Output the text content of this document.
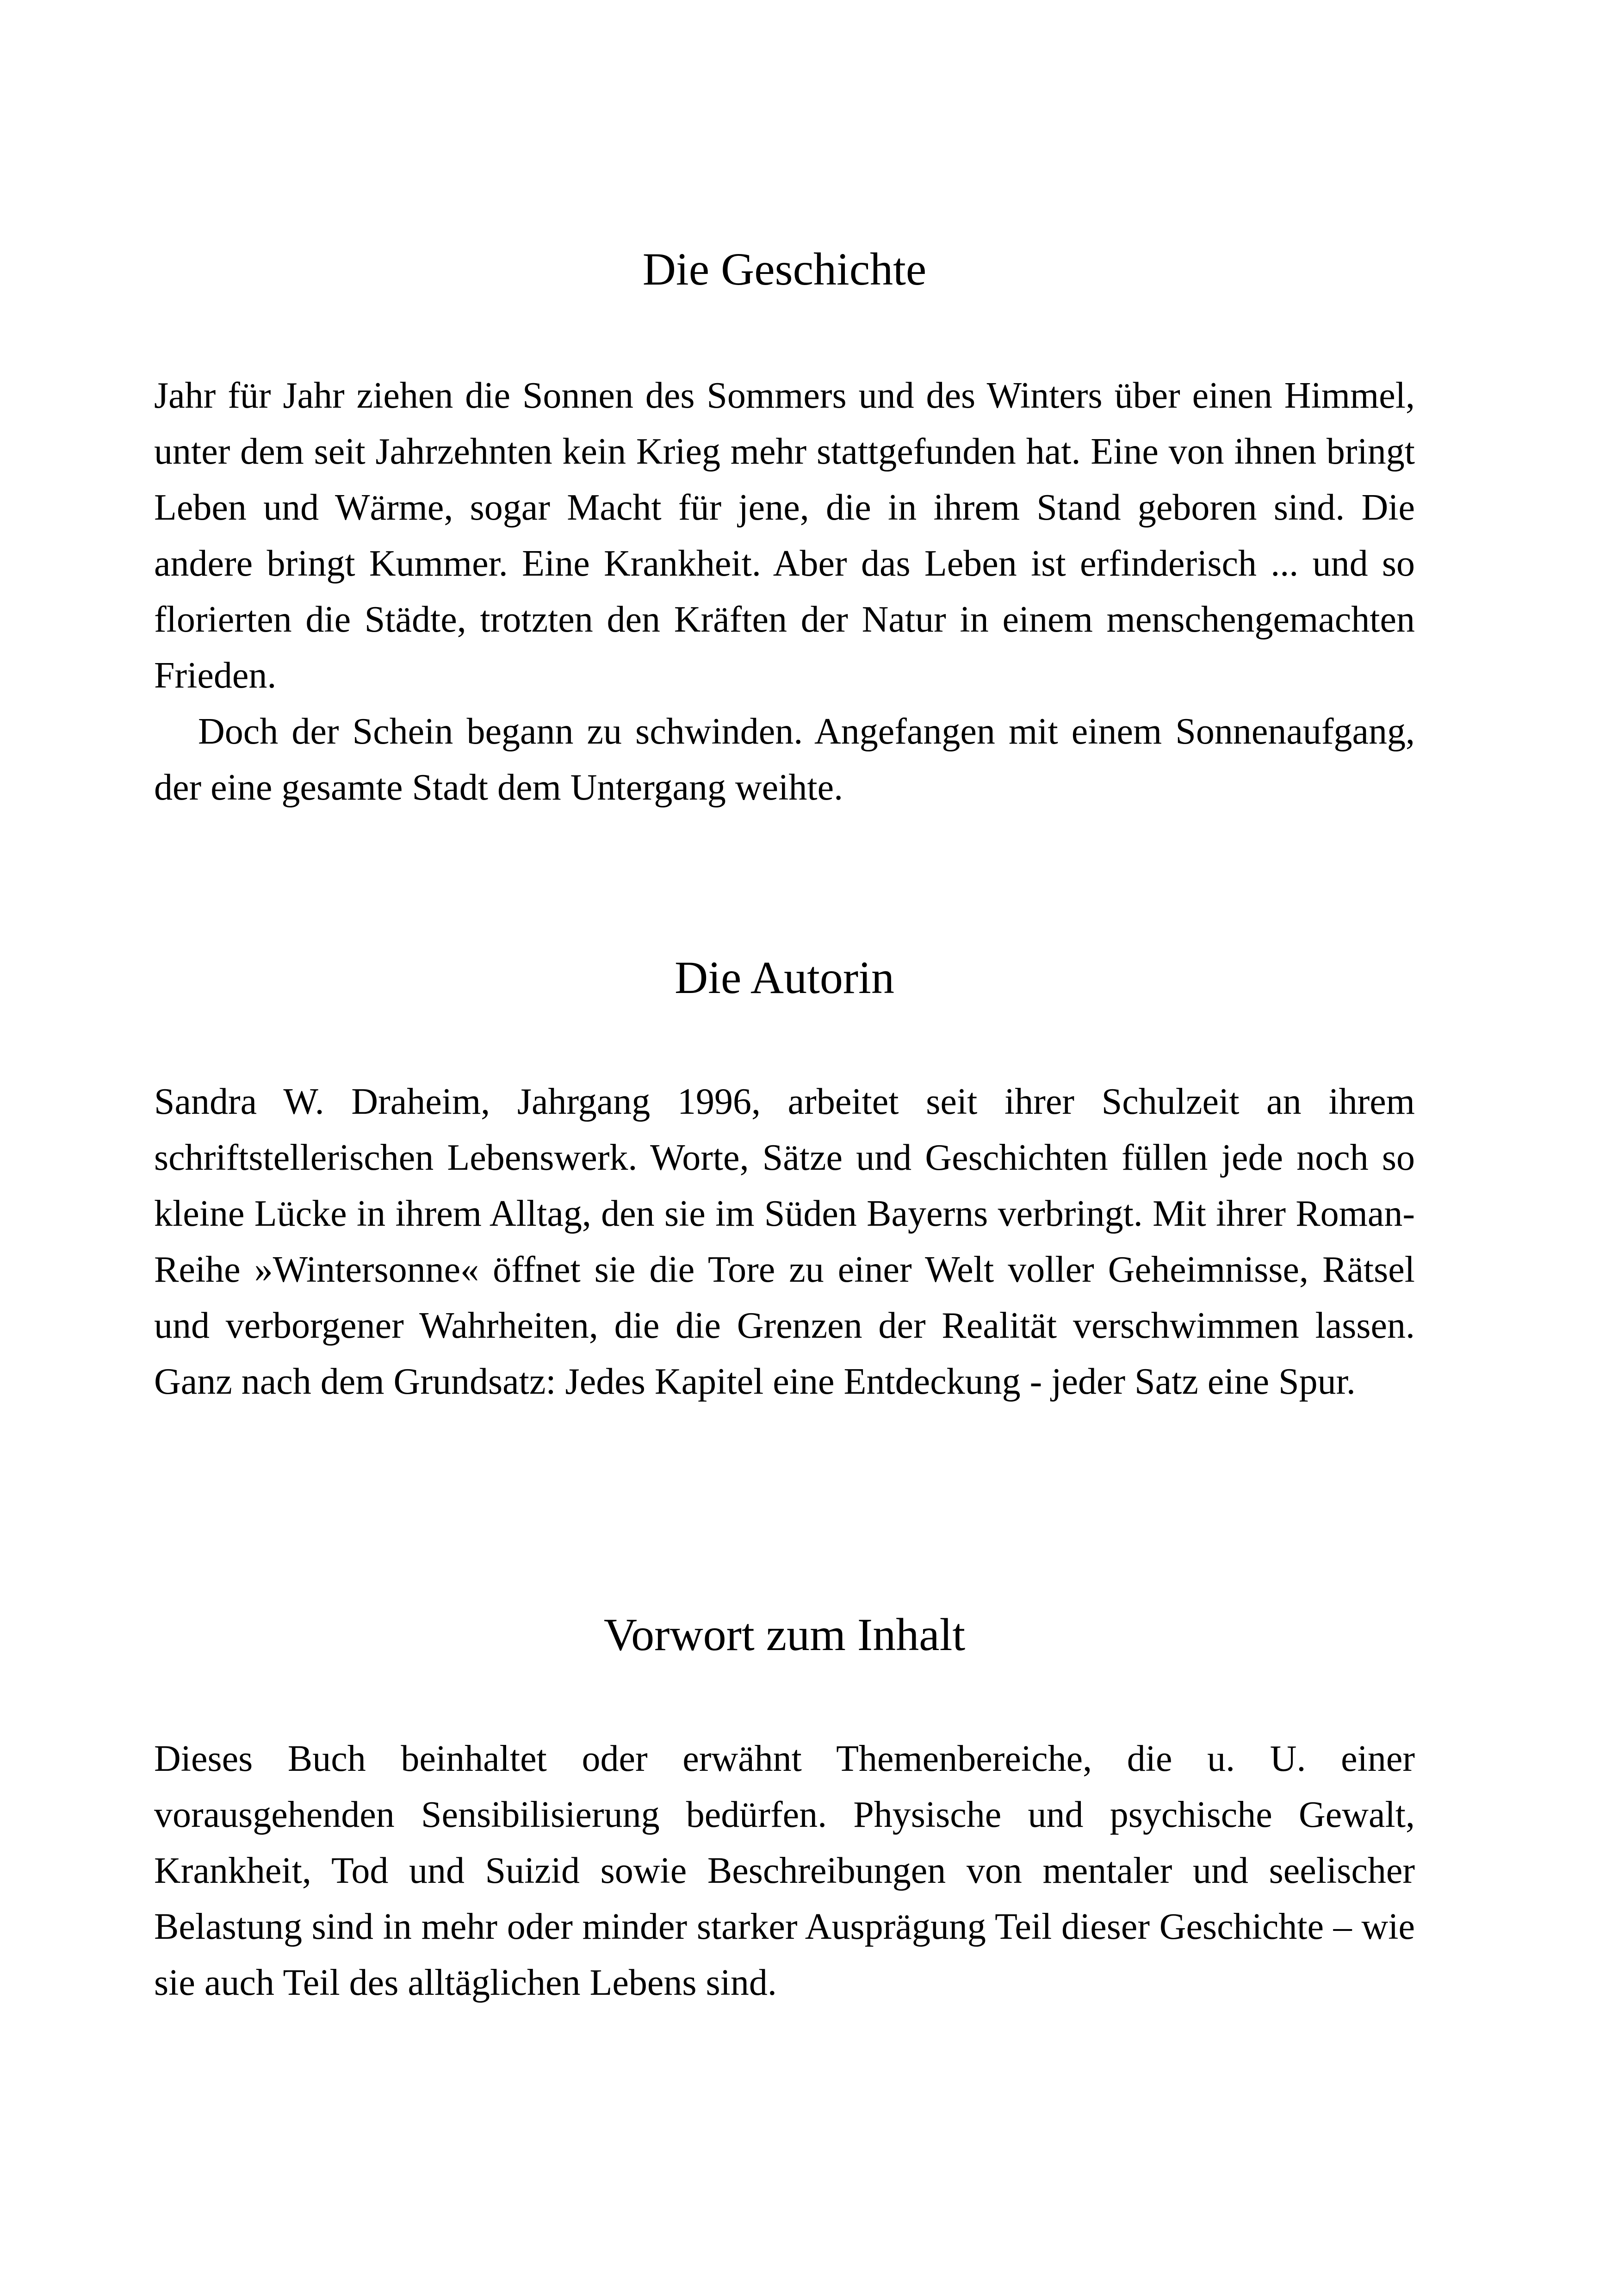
Die Geschichte
Jahr für Jahr ziehen die Sonnen des Sommers und des Winters über einen Himmel, unter dem seit Jahrzehnten kein Krieg mehr stattgefunden hat. Eine von ihnen bringt Leben und Wärme, sogar Macht für jene, die in ihrem Stand geboren sind. Die andere bringt Kummer. Eine Krankheit. Aber das Leben ist erfinderisch ... und so florierten die Städte, trotzten den Kräften der Natur in einem menschengemachten Frieden.
Doch der Schein begann zu schwinden. Angefangen mit einem Sonnenaufgang, der eine gesamte Stadt dem Untergang weihte.
Die Autorin
Sandra W. Draheim, Jahrgang 1996, arbeitet seit ihrer Schulzeit an ihrem schriftstellerischen Lebenswerk. Worte, Sätze und Geschichten füllen jede noch so kleine Lücke in ihrem Alltag, den sie im Süden Bayerns verbringt. Mit ihrer Roman-Reihe »Wintersonne« öffnet sie die Tore zu einer Welt voller Geheimnisse, Rätsel und verborgener Wahrheiten, die die Grenzen der Realität verschwimmen lassen. Ganz nach dem Grundsatz: Jedes Kapitel eine Entdeckung - jeder Satz eine Spur.
Vorwort zum Inhalt
Dieses Buch beinhaltet oder erwähnt Themenbereiche, die u. U. einer vorausgehenden Sensibilisierung bedürfen. Physische und psychische Gewalt, Krankheit, Tod und Suizid sowie Beschreibungen von mentaler und seelischer Belastung sind in mehr oder minder starker Ausprägung Teil dieser Geschichte – wie sie auch Teil des alltäglichen Lebens sind.
